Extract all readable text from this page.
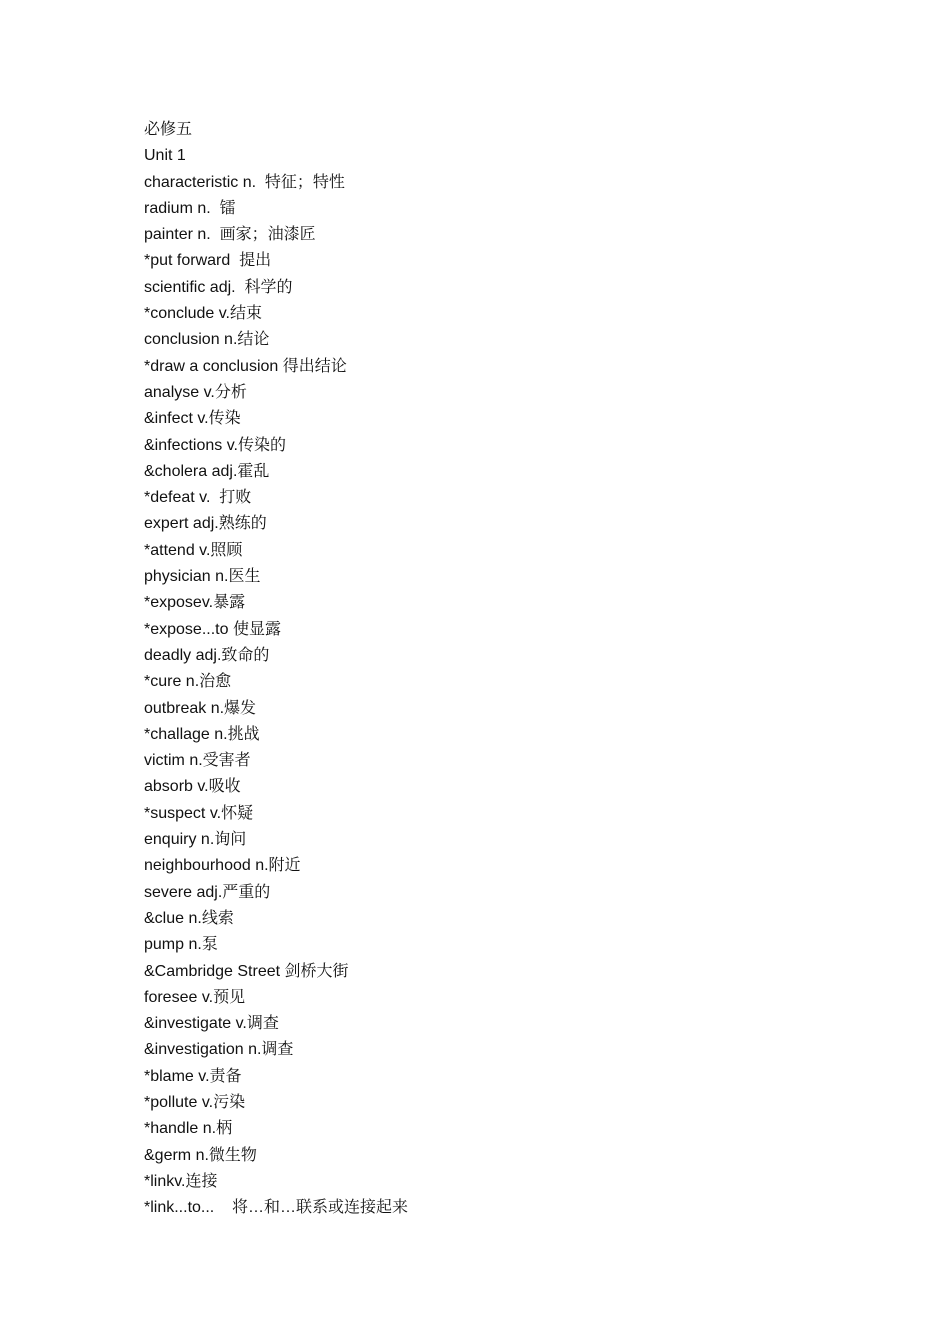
必修五
Unit 1
characteristic n.  特征；特性
radium n.  镭
painter n.  画家；油漆匠
*put forward  提出
scientific adj.  科学的
*conclude v.结束
conclusion n.结论
*draw a conclusion 得出结论
analyse v.分析
&infect v.传染
&infections v.传染的
&cholera adj.霍乱
*defeat v.  打败
expert adj.熟练的
*attend v.照顾
physician n.医生
*exposev.暴露
*expose...to 使显露
deadly adj.致命的
*cure n.治愈
outbreak n.爆发
*challage n.挑战
victim n.受害者
absorb v.吸收
*suspect v.怀疑
enquiry n.询问
neighbourhood n.附近
severe adj.严重的
&clue n.线索
pump n.泵
&Cambridge Street 剑桥大街
foresee v.预见
&investigate v.调查
&investigation n.调查
*blame v.责备
*pollute v.污染
*handle n.柄
&germ n.微生物
*linkv.连接
*link...to...    将…和…联系或连接起来
